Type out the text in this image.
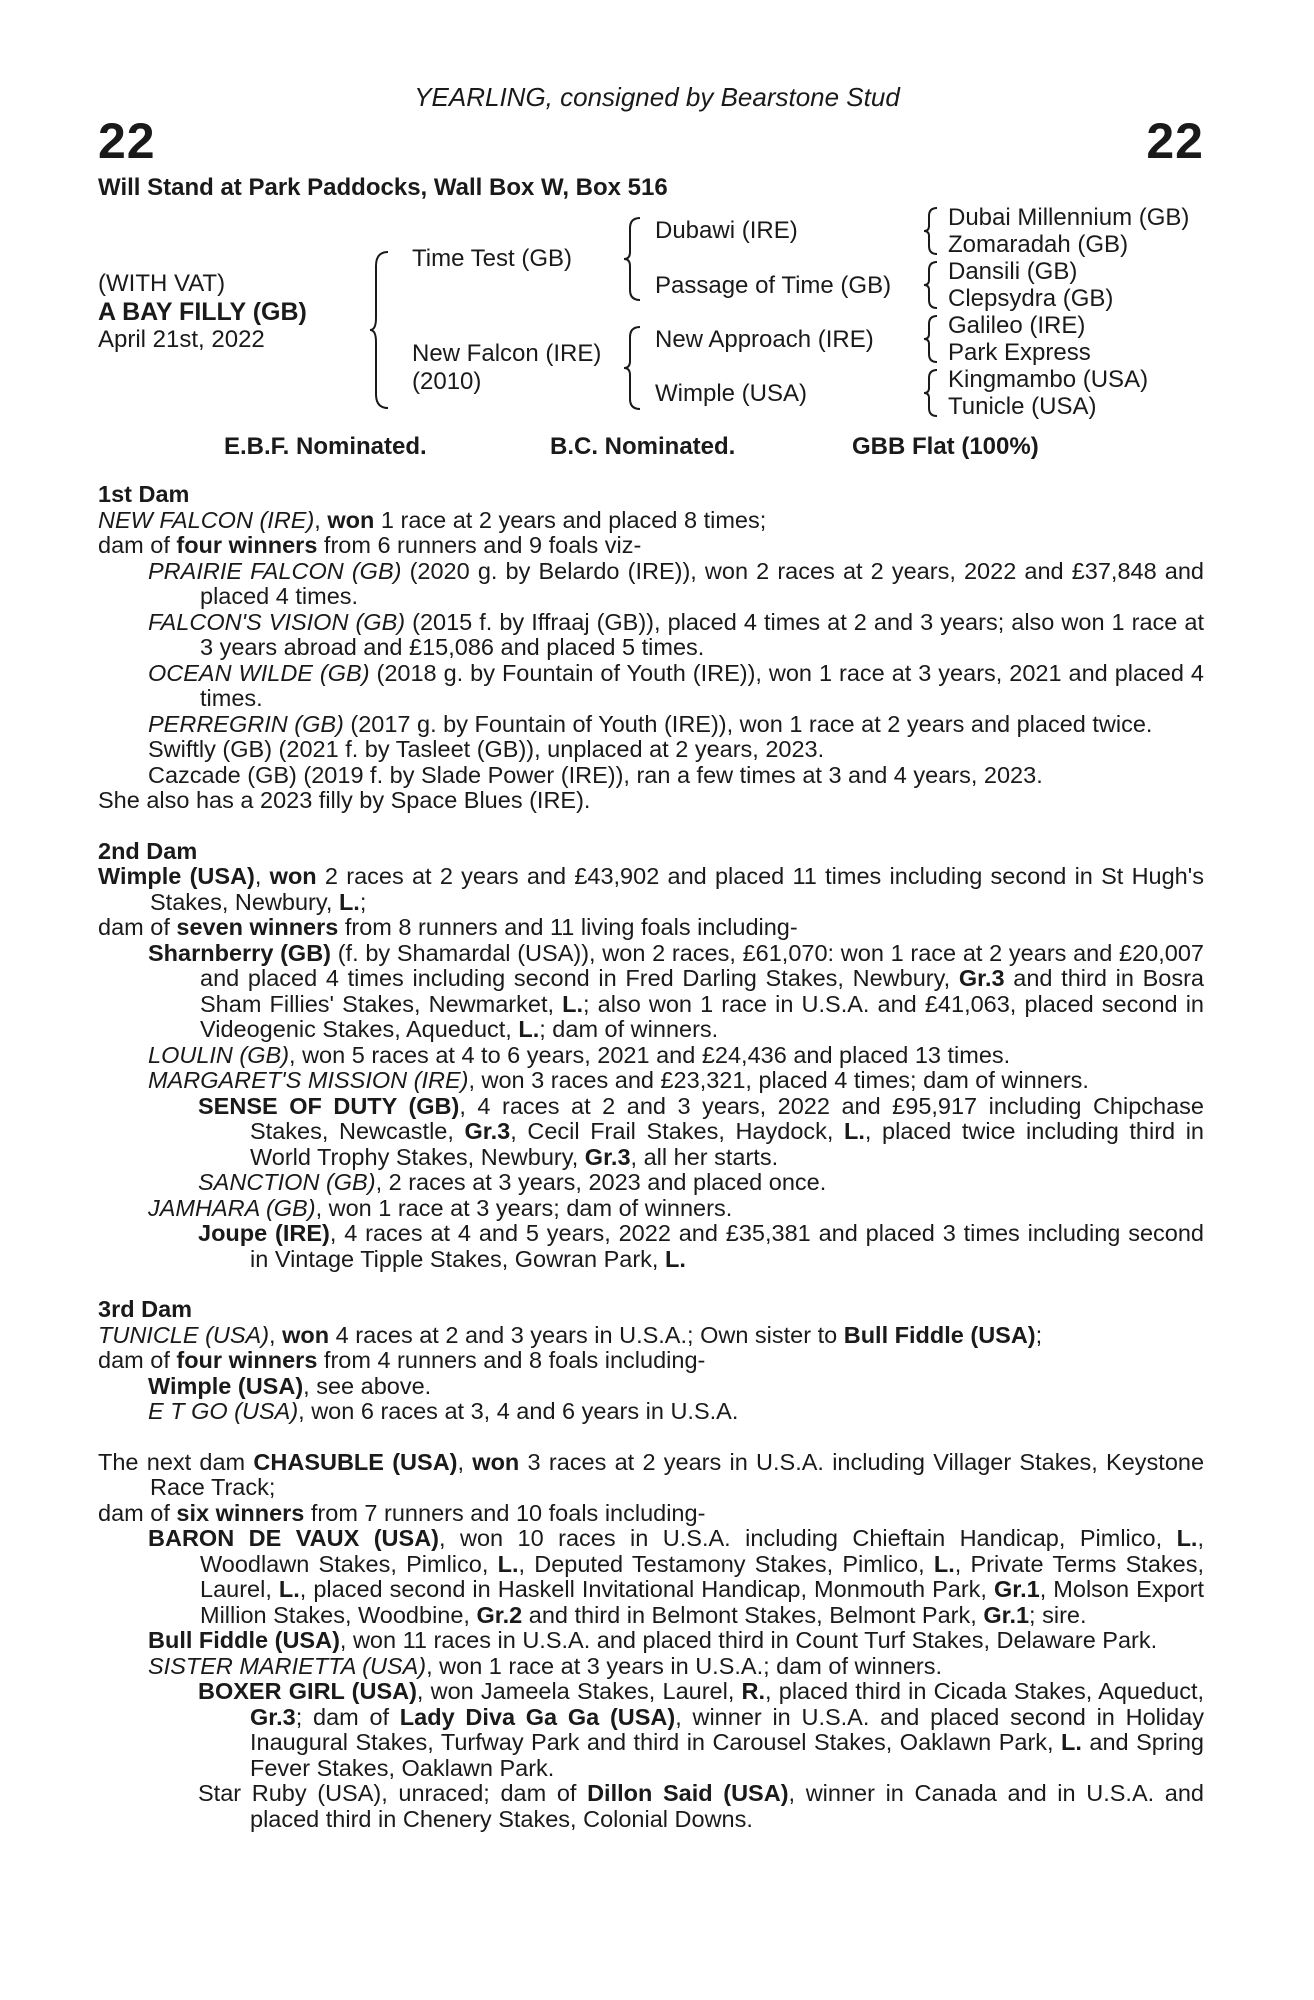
YEARLING, consigned by Bearstone Stud
22	22
Will Stand at Park Paddocks, Wall Box W, Box 516
(WITH VAT)
A BAY FILLY (GB)
April 21st, 2022
Time Test (GB)
New Falcon (IRE)
(2010)
Dubawi (IRE)
Passage of Time (GB)
New Approach (IRE)
Wimple (USA)
Dubai Millennium (GB)
Zomaradah (GB)
Dansili (GB)
Clepsydra (GB)
Galileo (IRE)
Park Express
Kingmambo (USA)
Tunicle (USA)
E.B.F. Nominated.	B.C. Nominated.	GBB Flat (100%)

1st Dam

NEW FALCON (IRE), won 1 race at 2 years and placed 8 times;

dam of four winners from 6 runners and 9 foals viz-

PRAIRIE FALCON (GB) (2020 g. by Belardo (IRE)), won 2 races at 2 years, 2022 and £37,848 and placed 4 times.

FALCON'S VISION (GB) (2015 f. by Iffraaj (GB)), placed 4 times at 2 and 3 years; also won 1 race at 3 years abroad and £15,086 and placed 5 times.

OCEAN WILDE (GB) (2018 g. by Fountain of Youth (IRE)), won 1 race at 3 years, 2021 and placed 4 times.

PERREGRIN (GB) (2017 g. by Fountain of Youth (IRE)), won 1 race at 2 years and placed twice.

Swiftly (GB) (2021 f. by Tasleet (GB)), unplaced at 2 years, 2023.

Cazcade (GB) (2019 f. by Slade Power (IRE)), ran a few times at 3 and 4 years, 2023.

She also has a 2023 filly by Space Blues (IRE).

2nd Dam

Wimple (USA), won 2 races at 2 years and £43,902 and placed 11 times including second in St Hugh's Stakes, Newbury, L.;

dam of seven winners from 8 runners and 11 living foals including-

Sharnberry (GB) (f. by Shamardal (USA)), won 2 races, £61,070: won 1 race at 2 years and £20,007 and placed 4 times including second in Fred Darling Stakes, Newbury, Gr.3 and third in Bosra Sham Fillies' Stakes, Newmarket, L.; also won 1 race in U.S.A. and £41,063, placed second in Videogenic Stakes, Aqueduct, L.; dam of winners.

LOULIN (GB), won 5 races at 4 to 6 years, 2021 and £24,436 and placed 13 times.

MARGARET'S MISSION (IRE), won 3 races and £23,321, placed 4 times; dam of winners.

SENSE OF DUTY (GB), 4 races at 2 and 3 years, 2022 and £95,917 including Chipchase Stakes, Newcastle, Gr.3, Cecil Frail Stakes, Haydock, L., placed twice including third in World Trophy Stakes, Newbury, Gr.3, all her starts.

SANCTION (GB), 2 races at 3 years, 2023 and placed once.

JAMHARA (GB), won 1 race at 3 years; dam of winners.

Joupe (IRE), 4 races at 4 and 5 years, 2022 and £35,381 and placed 3 times including second in Vintage Tipple Stakes, Gowran Park, L.

3rd Dam

TUNICLE (USA), won 4 races at 2 and 3 years in U.S.A.; Own sister to Bull Fiddle (USA);

dam of four winners from 4 runners and 8 foals including-

Wimple (USA), see above.

E T GO (USA), won 6 races at 3, 4 and 6 years in U.S.A.

The next dam CHASUBLE (USA), won 3 races at 2 years in U.S.A. including Villager Stakes, Keystone Race Track;

dam of six winners from 7 runners and 10 foals including-

BARON DE VAUX (USA), won 10 races in U.S.A. including Chieftain Handicap, Pimlico, L., Woodlawn Stakes, Pimlico, L., Deputed Testamony Stakes, Pimlico, L., Private Terms Stakes, Laurel, L., placed second in Haskell Invitational Handicap, Monmouth Park, Gr.1, Molson Export Million Stakes, Woodbine, Gr.2 and third in Belmont Stakes, Belmont Park, Gr.1; sire.

Bull Fiddle (USA), won 11 races in U.S.A. and placed third in Count Turf Stakes, Delaware Park.

SISTER MARIETTA (USA), won 1 race at 3 years in U.S.A.; dam of winners.

BOXER GIRL (USA), won Jameela Stakes, Laurel, R., placed third in Cicada Stakes, Aqueduct, Gr.3; dam of Lady Diva Ga Ga (USA), winner in U.S.A. and placed second in Holiday Inaugural Stakes, Turfway Park and third in Carousel Stakes, Oaklawn Park, L. and Spring Fever Stakes, Oaklawn Park.

Star Ruby (USA), unraced; dam of Dillon Said (USA), winner in Canada and in U.S.A. and placed third in Chenery Stakes, Colonial Downs.
